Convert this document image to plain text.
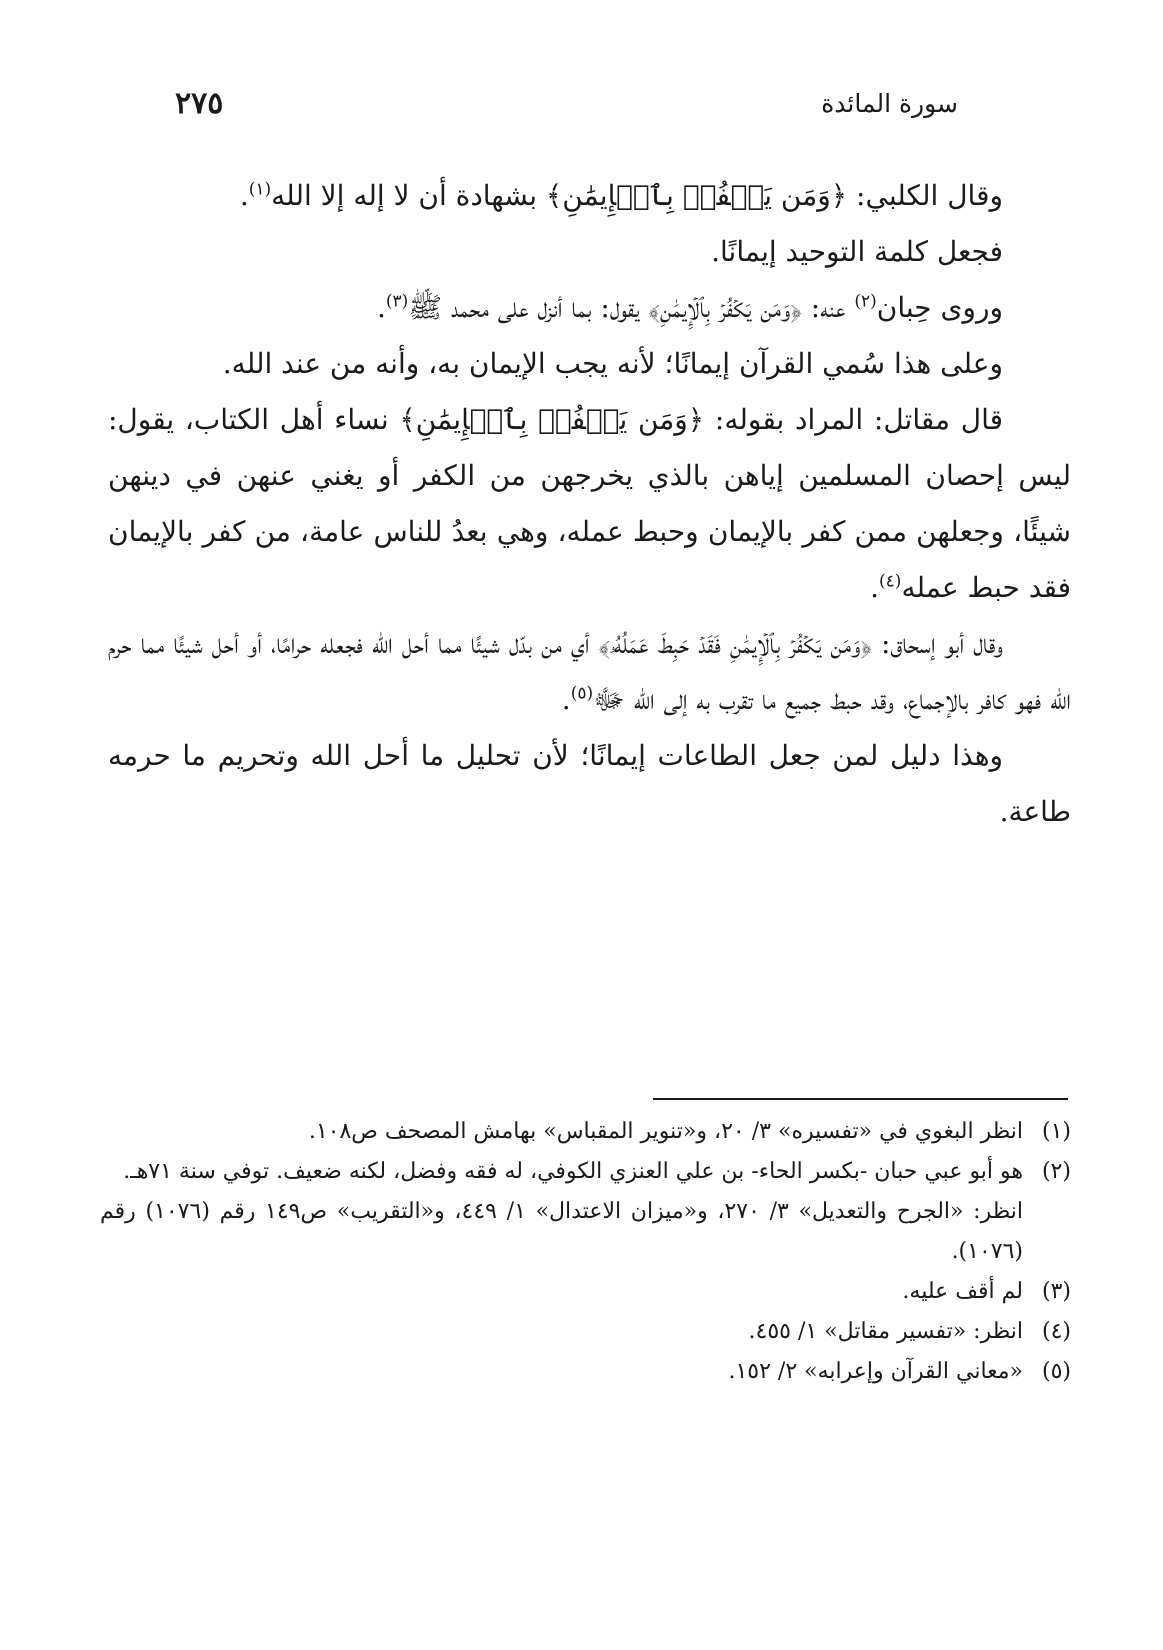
سورة المائدة
٢٧٥

وقال الكلبي: ﴿وَمَن يَكۡفُرۡ بِٱلۡإِيمَٰنِ﴾ بشهادة أن لا إله إلا الله$^{(١)}$.

فجعل كلمة التوحيد إيمانًا.

وروى حِبان$^{(٢)}$ عنه: ﴿وَمَن يَكۡفُرۡ بِٱلۡإِيمَٰنِ﴾ يقول: بما أنزل على محمد ﷺ$^{(٣)}$.

وعلى هذا سُمي القرآن إيمانًا؛ لأنه يجب الإيمان به، وأنه من عند الله.

قال مقاتل: المراد بقوله: ﴿وَمَن يَكۡفُرۡ بِٱلۡإِيمَٰنِ﴾ نساء أهل الكتاب، يقول: ليس إحصان المسلمين إياهن بالذي يخرجهن من الكفر أو يغني عنهن في دينهن شيئًا، وجعلهن ممن كفر بالإيمان وحبط عمله، وهي بعدُ للناس عامة، من كفر بالإيمان فقد حبط عمله$^{(٤)}$.

وقال أبو إسحاق: ﴿وَمَن يَكۡفُرۡ بِٱلۡإِيمَٰنِ فَقَدۡ حَبِطَ عَمَلُهُۥ﴾ أي من بدّل شيئًا مما أحل الله فجعله حرامًا، أو أحل شيئًا مما حرم الله فهو كافر بالإجماع، وقد حبط جميع ما تقرب به إلى الله ﷻ$^{(٥)}$.

وهذا دليل لمن جعل الطاعات إيمانًا؛ لأن تحليل ما أحل الله وتحريم ما حرمه طاعة.

(١)
انظر البغوي في «تفسيره» ٣/ ٢٠، و«تنوير المقباس» بهامش المصحف ص١٠٨.
(٢)
هو أبو عبي حبان -بكسر الحاء- بن علي العنزي الكوفي، له فقه وفضل، لكنه ضعيف. توفي سنة ٧١هـ.
انظر: «الجرح والتعديل» ٣/ ٢٧٠، و«ميزان الاعتدال» ١/ ٤٤٩، و«التقريب» ص١٤٩ رقم (١٠٧٦) رقم (١٠٧٦).
(٣)
لم أقف عليه.
(٤)
انظر: «تفسير مقاتل» ١/ ٤٥٥.
(٥)
«معاني القرآن وإعرابه» ٢/ ١٥٢.
